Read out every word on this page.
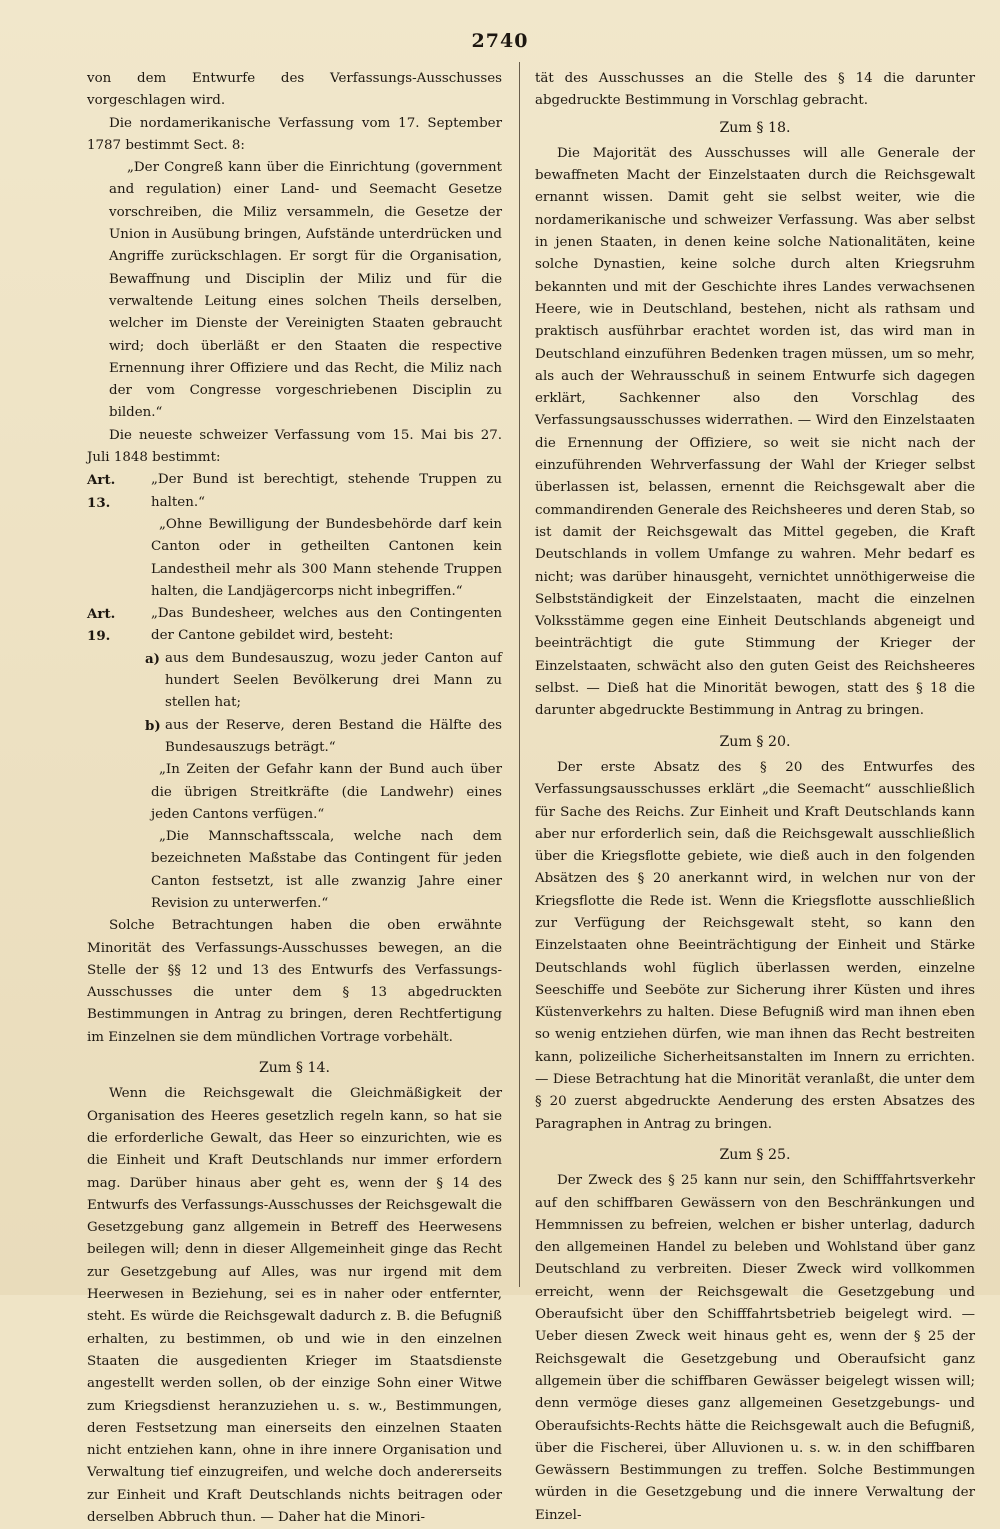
2740

von dem Entwurfe des Verfassungs-Ausschusses vorgeschlagen wird.

Die nordamerikanische Verfassung vom 17. September 1787 bestimmt Sect. 8:

„Der Congreß kann über die Einrichtung (government and regulation) einer Land- und Seemacht Gesetze vorschreiben, die Miliz versammeln, die Gesetze der Union in Ausübung bringen, Aufstände unterdrücken und Angriffe zurückschlagen. Er sorgt für die Organisation, Bewaffnung und Disciplin der Miliz und für die verwaltende Leitung eines solchen Theils derselben, welcher im Dienste der Vereinigten Staaten gebraucht wird; doch überläßt er den Staaten die respective Ernennung ihrer Offiziere und das Recht, die Miliz nach der vom Congresse vorgeschriebenen Disciplin zu bilden.“

Die neueste schweizer Verfassung vom 15. Mai bis 27. Juli 1848 bestimmt:

Art. 13.
„Der Bund ist berechtigt, stehende Truppen zu halten.“

„Ohne Bewilligung der Bundesbehörde darf kein Canton oder in getheilten Cantonen kein Landestheil mehr als 300 Mann stehende Truppen halten, die Landjägercorps nicht inbegriffen.“

Art. 19.
„Das Bundesheer, welches aus den Contingenten der Cantone gebildet wird, besteht:
a) aus dem Bundesauszug, wozu jeder Canton auf hundert Seelen Bevölkerung drei Mann zu stellen hat;
b) aus der Reserve, deren Bestand die Hälfte des Bundesauszugs beträgt.“

„In Zeiten der Gefahr kann der Bund auch über die übrigen Streitkräfte (die Landwehr) eines jeden Cantons verfügen.“

„Die Mannschaftsscala, welche nach dem bezeichneten Maßstabe das Contingent für jeden Canton festsetzt, ist alle zwanzig Jahre einer Revision zu unterwerfen.“

Solche Betrachtungen haben die oben erwähnte Minorität des Verfassungs-Ausschusses bewegen, an die Stelle der §§ 12 und 13 des Entwurfs des Verfassungs-Ausschusses die unter dem § 13 abgedruckten Bestimmungen in Antrag zu bringen, deren Rechtfertigung im Einzelnen sie dem mündlichen Vortrage vorbehält.

Zum § 14.

Wenn die Reichsgewalt die Gleichmäßigkeit der Organisation des Heeres gesetzlich regeln kann, so hat sie die erforderliche Gewalt, das Heer so einzurichten, wie es die Einheit und Kraft Deutschlands nur immer erfordern mag. Darüber hinaus aber geht es, wenn der § 14 des Entwurfs des Verfassungs-Ausschusses der Reichsgewalt die Gesetzgebung ganz allgemein in Betreff des Heerwesens beilegen will; denn in dieser Allgemeinheit ginge das Recht zur Gesetzgebung auf Alles, was nur irgend mit dem Heerwesen in Beziehung, sei es in naher oder entfernter, steht. Es würde die Reichsgewalt dadurch z. B. die Befugniß erhalten, zu bestimmen, ob und wie in den einzelnen Staaten die ausgedienten Krieger im Staatsdienste angestellt werden sollen, ob der einzige Sohn einer Witwe zum Kriegsdienst heranzuziehen u. s. w., Bestimmungen, deren Festsetzung man einerseits den einzelnen Staaten nicht entziehen kann, ohne in ihre innere Organisation und Verwaltung tief einzugreifen, und welche doch andererseits zur Einheit und Kraft Deutschlands nichts beitragen oder derselben Abbruch thun. — Daher hat die Minori-

tät des Ausschusses an die Stelle des § 14 die darunter abgedruckte Bestimmung in Vorschlag gebracht.

Zum § 18.

Die Majorität des Ausschusses will alle Generale der bewaffneten Macht der Einzelstaaten durch die Reichsgewalt ernannt wissen. Damit geht sie selbst weiter, wie die nordamerikanische und schweizer Verfassung. Was aber selbst in jenen Staaten, in denen keine solche Nationalitäten, keine solche Dynastien, keine solche durch alten Kriegsruhm bekannten und mit der Geschichte ihres Landes verwachsenen Heere, wie in Deutschland, bestehen, nicht als rathsam und praktisch ausführbar erachtet worden ist, das wird man in Deutschland einzuführen Bedenken tragen müssen, um so mehr, als auch der Wehrausschuß in seinem Entwurfe sich dagegen erklärt, Sachkenner also den Vorschlag des Verfassungsausschusses widerrathen. — Wird den Einzelstaaten die Ernennung der Offiziere, so weit sie nicht nach der einzuführenden Wehrverfassung der Wahl der Krieger selbst überlassen ist, belassen, ernennt die Reichsgewalt aber die commandirenden Generale des Reichsheeres und deren Stab, so ist damit der Reichsgewalt das Mittel gegeben, die Kraft Deutschlands in vollem Umfange zu wahren. Mehr bedarf es nicht; was darüber hinausgeht, vernichtet unnöthigerweise die Selbstständigkeit der Einzelstaaten, macht die einzelnen Volksstämme gegen eine Einheit Deutschlands abgeneigt und beeinträchtigt die gute Stimmung der Krieger der Einzelstaaten, schwächt also den guten Geist des Reichsheeres selbst. — Dieß hat die Minorität bewogen, statt des § 18 die darunter abgedruckte Bestimmung in Antrag zu bringen.

Zum § 20.

Der erste Absatz des § 20 des Entwurfes des Verfassungsausschusses erklärt „die Seemacht“ ausschließlich für Sache des Reichs. Zur Einheit und Kraft Deutschlands kann aber nur erforderlich sein, daß die Reichsgewalt ausschließlich über die Kriegsflotte gebiete, wie dieß auch in den folgenden Absätzen des § 20 anerkannt wird, in welchen nur von der Kriegsflotte die Rede ist. Wenn die Kriegsflotte ausschließlich zur Verfügung der Reichsgewalt steht, so kann den Einzelstaaten ohne Beeinträchtigung der Einheit und Stärke Deutschlands wohl füglich überlassen werden, einzelne Seeschiffe und Seeböte zur Sicherung ihrer Küsten und ihres Küstenverkehrs zu halten. Diese Befugniß wird man ihnen eben so wenig entziehen dürfen, wie man ihnen das Recht bestreiten kann, polizeiliche Sicherheitsanstalten im Innern zu errichten. — Diese Betrachtung hat die Minorität veranlaßt, die unter dem § 20 zuerst abgedruckte Aenderung des ersten Absatzes des Paragraphen in Antrag zu bringen.

Zum § 25.

Der Zweck des § 25 kann nur sein, den Schifffahrtsverkehr auf den schiffbaren Gewässern von den Beschränkungen und Hemmnissen zu befreien, welchen er bisher unterlag, dadurch den allgemeinen Handel zu beleben und Wohlstand über ganz Deutschland zu verbreiten. Dieser Zweck wird vollkommen erreicht, wenn der Reichsgewalt die Gesetzgebung und Oberaufsicht über den Schifffahrtsbetrieb beigelegt wird. — Ueber diesen Zweck weit hinaus geht es, wenn der § 25 der Reichsgewalt die Gesetzgebung und Oberaufsicht ganz allgemein über die schiffbaren Gewässer beigelegt wissen will; denn vermöge dieses ganz allgemeinen Gesetzgebungs- und Oberaufsichts-Rechts hätte die Reichsgewalt auch die Befugniß, über die Fischerei, über Alluvionen u. s. w. in den schiffbaren Gewässern Bestimmungen zu treffen. Solche Bestimmungen würden in die Gesetzgebung und die innere Verwaltung der Einzel-
